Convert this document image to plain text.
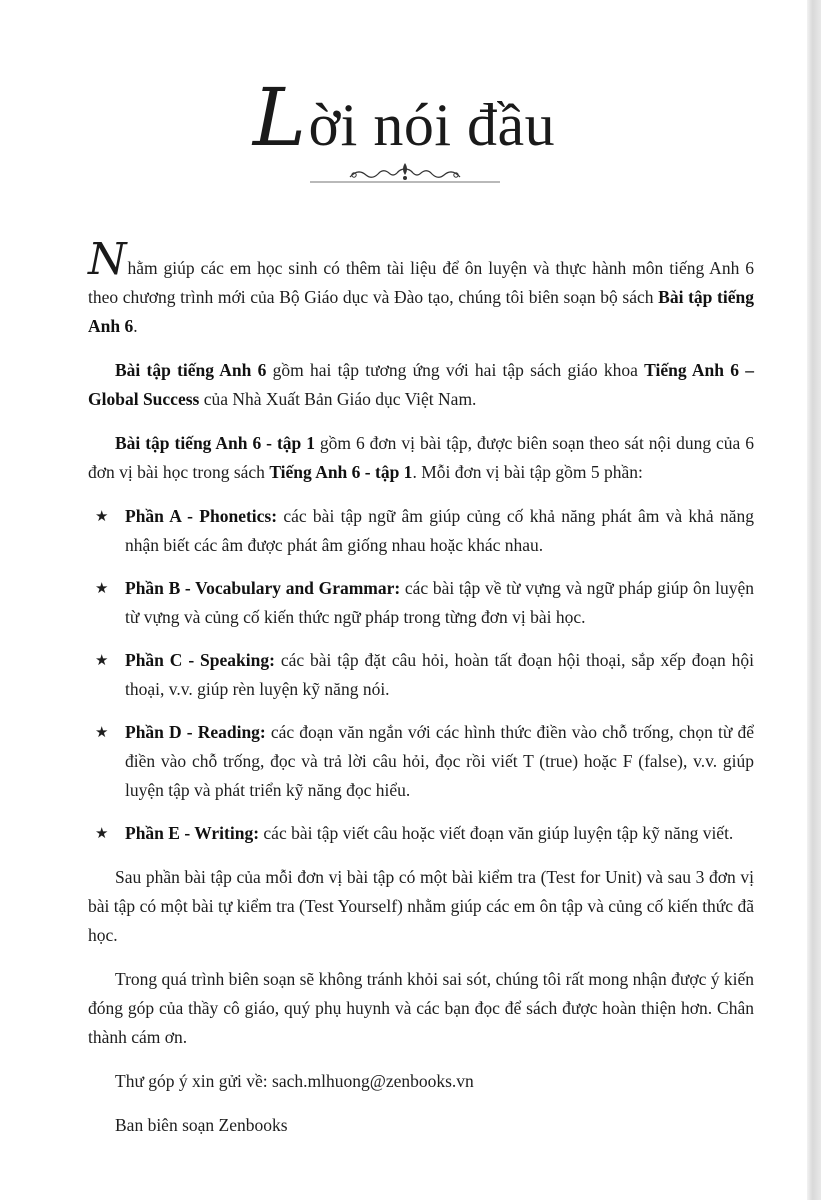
Lời nói đầu

Nhằm giúp các em học sinh có thêm tài liệu để ôn luyện và thực hành môn tiếng Anh 6 theo chương trình mới của Bộ Giáo dục và Đào tạo, chúng tôi biên soạn bộ sách Bài tập tiếng Anh 6.

Bài tập tiếng Anh 6 gồm hai tập tương ứng với hai tập sách giáo khoa Tiếng Anh 6 – Global Success của Nhà Xuất Bản Giáo dục Việt Nam.

Bài tập tiếng Anh 6 - tập 1 gồm 6 đơn vị bài tập, được biên soạn theo sát nội dung của 6 đơn vị bài học trong sách Tiếng Anh 6 - tập 1. Mỗi đơn vị bài tập gồm 5 phần:

★ Phần A - Phonetics: các bài tập ngữ âm giúp củng cố khả năng phát âm và khả năng nhận biết các âm được phát âm giống nhau hoặc khác nhau.
★ Phần B - Vocabulary and Grammar: các bài tập về từ vựng và ngữ pháp giúp ôn luyện từ vựng và củng cố kiến thức ngữ pháp trong từng đơn vị bài học.
★ Phần C - Speaking: các bài tập đặt câu hỏi, hoàn tất đoạn hội thoại, sắp xếp đoạn hội thoại, v.v. giúp rèn luyện kỹ năng nói.
★ Phần D - Reading: các đoạn văn ngắn với các hình thức điền vào chỗ trống, chọn từ để điền vào chỗ trống, đọc và trả lời câu hỏi, đọc rồi viết T (true) hoặc F (false), v.v. giúp luyện tập và phát triển kỹ năng đọc hiểu.
★ Phần E - Writing: các bài tập viết câu hoặc viết đoạn văn giúp luyện tập kỹ năng viết.

Sau phần bài tập của mỗi đơn vị bài tập có một bài kiểm tra (Test for Unit) và sau 3 đơn vị bài tập có một bài tự kiểm tra (Test Yourself) nhằm giúp các em ôn tập và củng cố kiến thức đã học.

Trong quá trình biên soạn sẽ không tránh khỏi sai sót, chúng tôi rất mong nhận được ý kiến đóng góp của thầy cô giáo, quý phụ huynh và các bạn đọc để sách được hoàn thiện hơn. Chân thành cám ơn.

Thư góp ý xin gửi về: sach.mlhuong@zenbooks.vn

Ban biên soạn Zenbooks
